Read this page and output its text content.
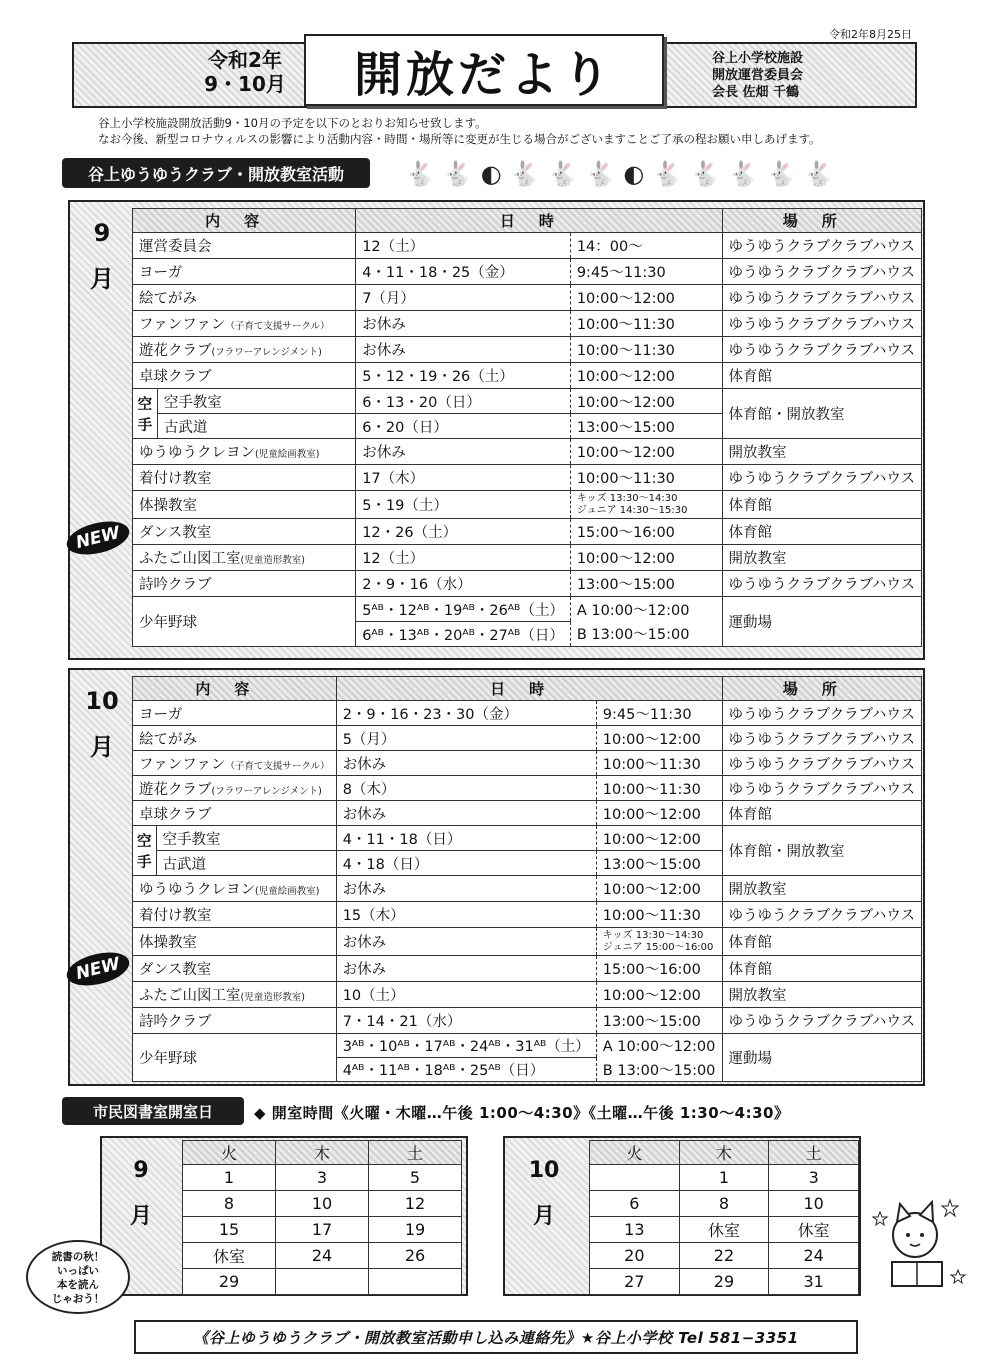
令和2年8月25日
令和2年
9・10月	開放だより	谷上小学校施設
開放運営委員会
会長 佐畑 千鶴
谷上小学校施設開放活動9・10月の予定を以下のとおりお知らせ致します。
なお今後、新型コロナウィルスの影響により活動内容・時間・場所等に変更が生じる場合がございますことご了承の程お願い申しあげます。
谷上ゆうゆうクラブ・開放教室活動	🐇🐇◐🐇🐇🐇◐🐇🐇🐇🐇🐇
9
月
NEW
内容		日時		場所
運営委員会		12（土）	14：00～	ゆうゆうクラブクラブハウス
ヨーガ		4・11・18・25（金）	9:45～11:30	ゆうゆうクラブクラブハウス
絵てがみ		7（月）	10:00～12:00	ゆうゆうクラブクラブハウス
ファンファン（子育て支援サークル）		お休み	10:00～11:30	ゆうゆうクラブクラブハウス
遊花クラブ(フラワーアレンジメント)		お休み	10:00～11:30	ゆうゆうクラブクラブハウス
卓球クラブ		5・12・19・26（土）	10:00～12:00	体育館

空
手	空手教室	6・13・20（日）	10:00～12:00	体育館・開放教室
	古武道	6・20（日）	13:00～15:00	
ゆうゆうクレヨン(児童絵画教室)		お休み	10:00～12:00	開放教室
着付け教室		17（木）	10:00～11:30	ゆうゆうクラブクラブハウス
体操教室		5・19（土）	キッズ 13:30～14:30
ジュニア 14:30～15:30	体育館
ダンス教室		12・26（土）	15:00～16:00	体育館
ふたご山図工室(児童造形教室)		12（土）	10:00～12:00	開放教室
詩吟クラブ		2・9・16（水）	13:00～15:00	ゆうゆうクラブクラブハウス
少年野球		5ᴬᴮ・12ᴬᴮ・19ᴬᴮ・26ᴬᴮ（土）	A 10:00～12:00	運動場
		6ᴬᴮ・13ᴬᴮ・20ᴬᴮ・27ᴬᴮ（日）	B 13:00～15:00	
10
月
NEW
内容		日時		場所
ヨーガ		2・9・16・23・30（金）	9:45～11:30	ゆうゆうクラブクラブハウス
絵てがみ		5（月）	10:00～12:00	ゆうゆうクラブクラブハウス
ファンファン（子育て支援サークル）		お休み	10:00～11:30	ゆうゆうクラブクラブハウス
遊花クラブ(フラワーアレンジメント)		8（木）	10:00～11:30	ゆうゆうクラブクラブハウス
卓球クラブ		お休み	10:00～12:00	体育館

空
手	空手教室	4・11・18（日）	10:00～12:00	体育館・開放教室
	古武道	4・18（日）	13:00～15:00	
ゆうゆうクレヨン(児童絵画教室)		お休み	10:00～12:00	開放教室
着付け教室		15（木）	10:00～11:30	ゆうゆうクラブクラブハウス
体操教室		お休み	キッズ 13:30～14:30
ジュニア 15:00～16:00	体育館
ダンス教室		お休み	15:00～16:00	体育館
ふたご山図工室(児童造形教室)		10（土）	10:00～12:00	開放教室
詩吟クラブ		7・14・21（水）	13:00～15:00	ゆうゆうクラブクラブハウス
少年野球		3ᴬᴮ・10ᴬᴮ・17ᴬᴮ・24ᴬᴮ・31ᴬᴮ（土）	A 10:00～12:00	運動場
		4ᴬᴮ・11ᴬᴮ・18ᴬᴮ・25ᴬᴮ（日）	B 13:00～15:00	
市民図書室開室日	◆ 開室時間《火曜・木曜…午後 1:00～4:30》《土曜…午後 1:30～4:30》
9
月
火	木	土
1	3	5
8	10	12
15	17	19
休室	24	26
29		
10
月
火	木	土
	1	3
6	8	10
13	休室	休室
20	22	24
27	29	31
読書の秋！
いっぱい
本を読ん
じゃおう！
《谷上ゆうゆうクラブ・開放教室活動申し込み連絡先》★谷上小学校 Tel 581−3351
